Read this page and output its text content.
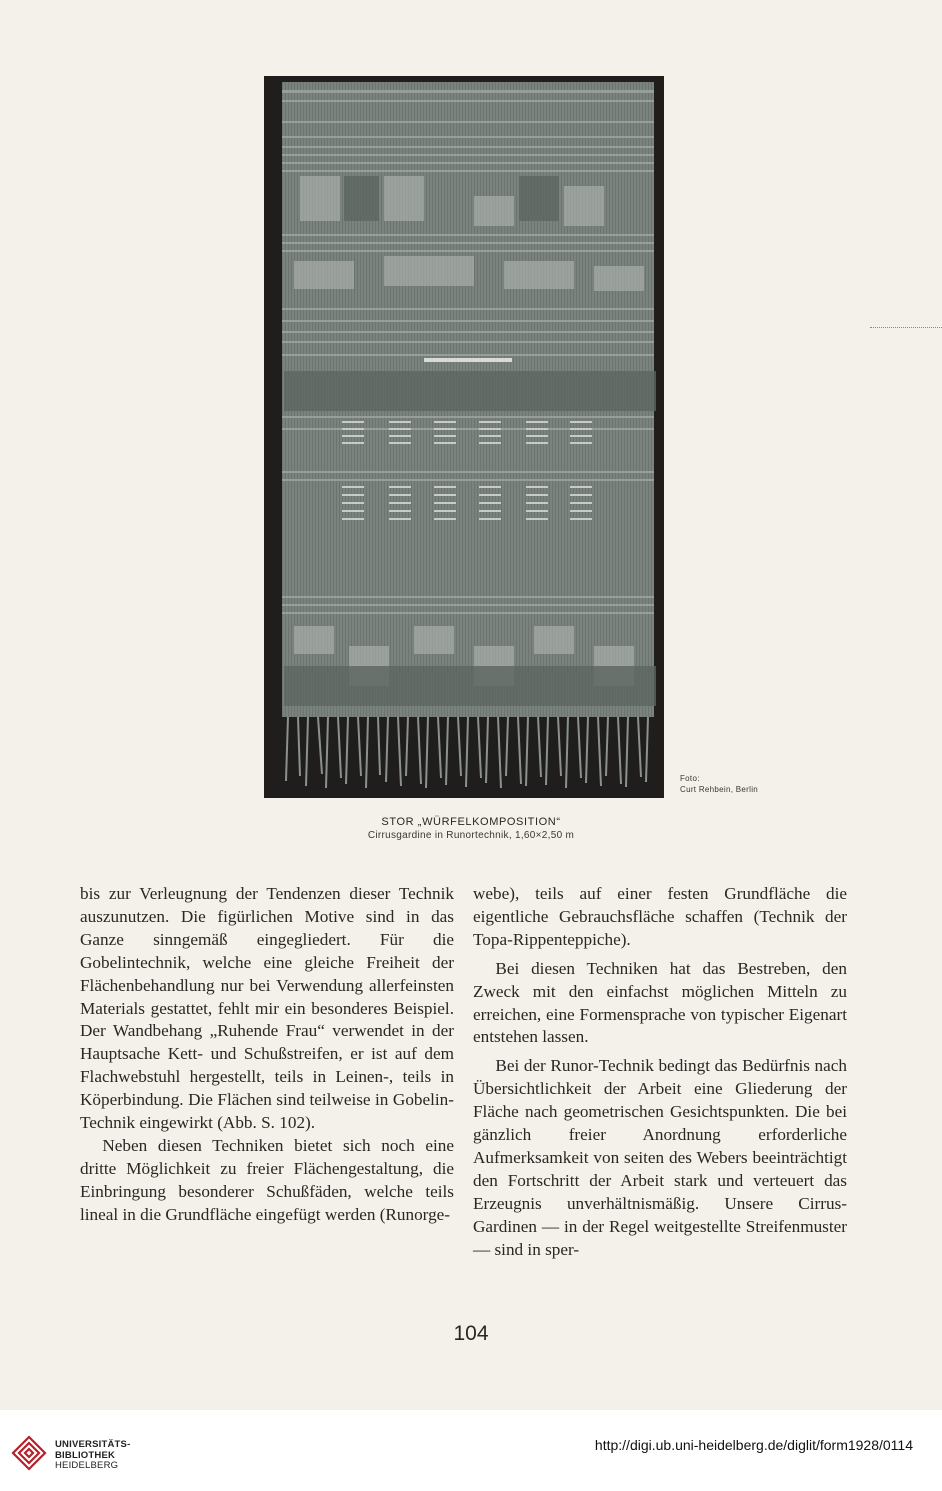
Foto:
Curt Rehbein, Berlin
STOR „WÜRFELKOMPOSITION“
Cirrusgardine in Runortechnik, 1,60×2,50 m

bis zur Verleugnung der Tendenzen dieser Technik auszunutzen. Die figürlichen Motive sind in das Ganze sinngemäß eingegliedert. Für die Gobelintechnik, welche eine gleiche Freiheit der Flächenbehandlung nur bei Verwendung allerfeinsten Materials gestattet, fehlt mir ein besonderes Beispiel. Der Wandbehang „Ruhende Frau“ verwendet in der Hauptsache Kett- und Schußstreifen, er ist auf dem Flachwebstuhl hergestellt, teils in Leinen-, teils in Köperbindung. Die Flächen sind teilweise in Gobelin-Technik eingewirkt (Abb. S. 102).

Neben diesen Techniken bietet sich noch eine dritte Möglichkeit zu freier Flächengestaltung, die Einbringung besonderer Schußfäden, welche teils lineal in die Grundfläche eingefügt werden (Runorge-

webe), teils auf einer festen Grundfläche die eigentliche Gebrauchsfläche schaffen (Technik der Topa-Rippenteppiche).

Bei diesen Techniken hat das Bestreben, den Zweck mit den einfachst möglichen Mitteln zu erreichen, eine Formensprache von typischer Eigenart entstehen lassen.

Bei der Runor-Technik bedingt das Bedürfnis nach Übersichtlichkeit der Arbeit eine Gliederung der Fläche nach geometrischen Gesichtspunkten. Die bei gänzlich freier Anordnung erforderliche Aufmerksamkeit von seiten des Webers beeinträchtigt den Fortschritt der Arbeit stark und verteuert das Erzeugnis unverhältnismäßig. Unsere Cirrus-Gardinen — in der Regel weitgestellte Streifenmuster — sind in sper-

104
UNIVERSITÄTS-
BIBLIOTHEK
HEIDELBERG
http://digi.ub.uni-heidelberg.de/diglit/form1928/0114
